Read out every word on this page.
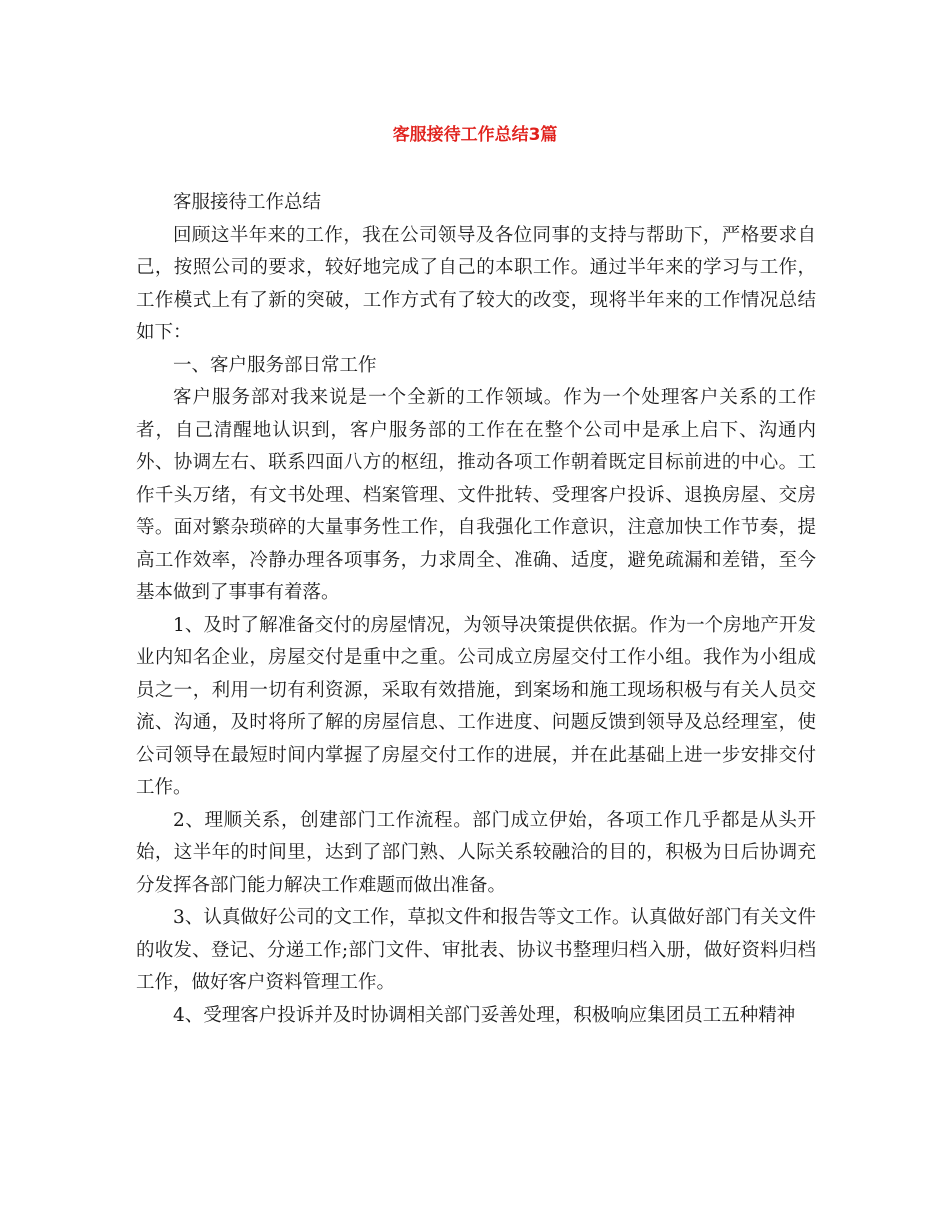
客服接待工作总结3篇

客服接待工作总结

回顾这半年来的工作，我在公司领导及各位同事的支持与帮助下，严格要求自己，按照公司的要求，较好地完成了自己的本职工作。通过半年来的学习与工作，工作模式上有了新的突破，工作方式有了较大的改变，现将半年来的工作情况总结如下：

一、客户服务部日常工作

客户服务部对我来说是一个全新的工作领域。作为一个处理客户关系的工作者，自己清醒地认识到，客户服务部的工作在在整个公司中是承上启下、沟通内外、协调左右、联系四面八方的枢纽，推动各项工作朝着既定目标前进的中心。工作千头万绪，有文书处理、档案管理、文件批转、受理客户投诉、退换房屋、交房等。面对繁杂琐碎的大量事务性工作，自我强化工作意识，注意加快工作节奏，提高工作效率，冷静办理各项事务，力求周全、准确、适度，避免疏漏和差错，至今基本做到了事事有着落。

1、及时了解准备交付的房屋情况，为领导决策提供依据。作为一个房地产开发业内知名企业，房屋交付是重中之重。公司成立房屋交付工作小组。我作为小组成员之一，利用一切有利资源，采取有效措施，到案场和施工现场积极与有关人员交流、沟通，及时将所了解的房屋信息、工作进度、问题反馈到领导及总经理室，使公司领导在最短时间内掌握了房屋交付工作的进展，并在此基础上进一步安排交付工作。

2、理顺关系，创建部门工作流程。部门成立伊始，各项工作几乎都是从头开始，这半年的时间里，达到了部门熟、人际关系较融洽的目的，积极为日后协调充分发挥各部门能力解决工作难题而做出准备。

3、认真做好公司的文工作，草拟文件和报告等文工作。认真做好部门有关文件的收发、登记、分递工作;部门文件、审批表、协议书整理归档入册，做好资料归档工作，做好客户资料管理工作。

4、受理客户投诉并及时协调相关部门妥善处理，积极响应集团员工五种精神
